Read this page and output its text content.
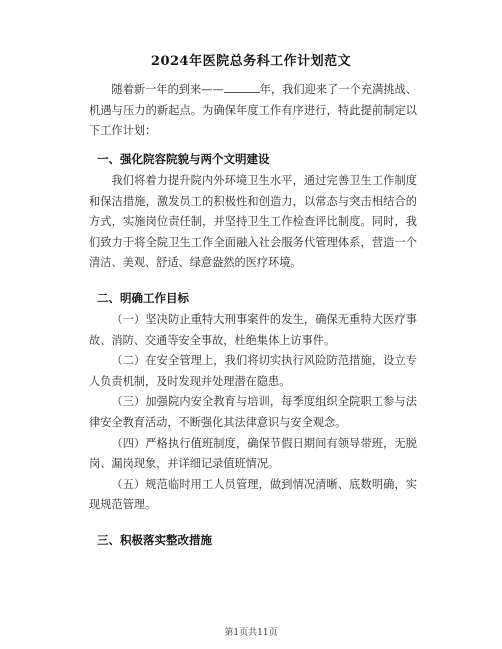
2024年医院总务科工作计划范文

随着新一年的到来——	年，我们迎来了一个充满挑战、机遇与压力的新起点。为确保年度工作有序进行，特此提前制定以下工作计划：

一、强化院容院貌与两个文明建设

我们将着力提升院内外环境卫生水平，通过完善卫生工作制度和保洁措施，激发员工的积极性和创造力，以常态与突击相结合的方式，实施岗位责任制，并坚持卫生工作检查评比制度。同时，我们致力于将全院卫生工作全面融入社会服务代管理体系，营造一个清洁、美观、舒适、绿意盎然的医疗环境。

二、明确工作目标

（一）坚决防止重特大刑事案件的发生，确保无重特大医疗事故、消防、交通等安全事故，杜绝集体上访事件。

（二）在安全管理上，我们将切实执行风险防范措施，设立专人负责机制，及时发现并处理潜在隐患。

（三）加强院内安全教育与培训，每季度组织全院职工参与法律安全教育活动，不断强化其法律意识与安全观念。

（四）严格执行值班制度，确保节假日期间有领导带班，无脱岗、漏岗现象，并详细记录值班情况。

（五）规范临时用工人员管理，做到情况清晰、底数明确，实现规范管理。

三、积极落实整改措施
第1页共11页
